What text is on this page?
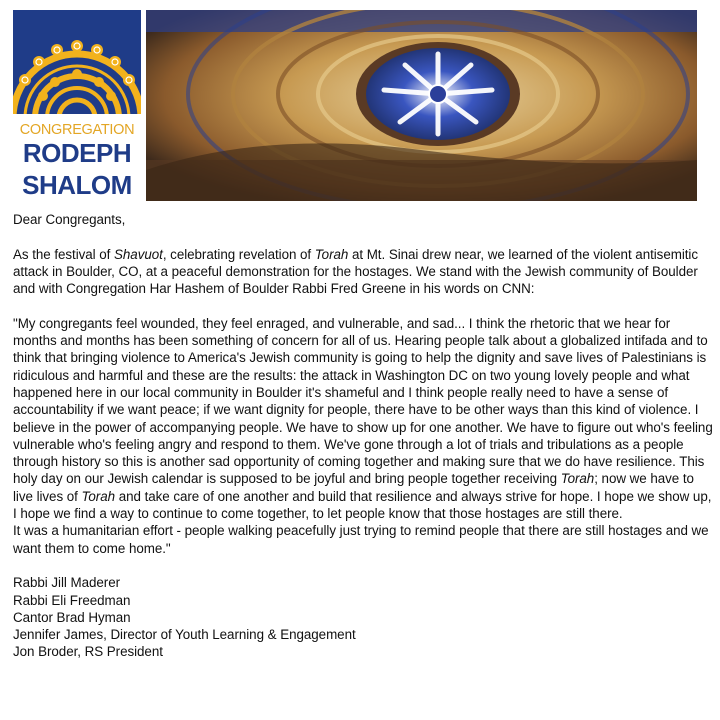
CONGREGATION
RODEPH
SHALOM

Dear Congregants,

As the festival of Shavuot, celebrating revelation of Torah at Mt. Sinai drew near, we learned of the violent antisemitic attack in Boulder, CO, at a peaceful demonstration for the hostages. We stand with the Jewish community of Boulder and with Congregation Har Hashem of Boulder Rabbi Fred Greene in his words on CNN:

"My congregants feel wounded, they feel enraged, and vulnerable, and sad... I think the rhetoric that we hear for months and months has been something of concern for all of us. Hearing people talk about a globalized intifada and to think that bringing violence to America's Jewish community is going to help the dignity and save lives of Palestinians is ridiculous and harmful and these are the results: the attack in Washington DC on two young lovely people and what happened here in our local community in Boulder it's shameful and I think people really need to have a sense of accountability if we want peace; if we want dignity for people, there have to be other ways than this kind of violence. I believe in the power of accompanying people. We have to show up for one another. We have to figure out who's feeling vulnerable who's feeling angry and respond to them. We've gone through a lot of trials and tribulations as a people through history so this is another sad opportunity of coming together and making sure that we do have resilience. This holy day on our Jewish calendar is supposed to be joyful and bring people together receiving Torah; now we have to live lives of Torah and take care of one another and build that resilience and always strive for hope. I hope we show up,

I hope we find a way to continue to come together, to let people know that those hostages are still there.

It was a humanitarian effort - people walking peacefully just trying to remind people that there are still hostages and we want them to come home."

Rabbi Jill Maderer
Rabbi Eli Freedman
Cantor Brad Hyman
Jennifer James, Director of Youth Learning & Engagement
Jon Broder, RS President
